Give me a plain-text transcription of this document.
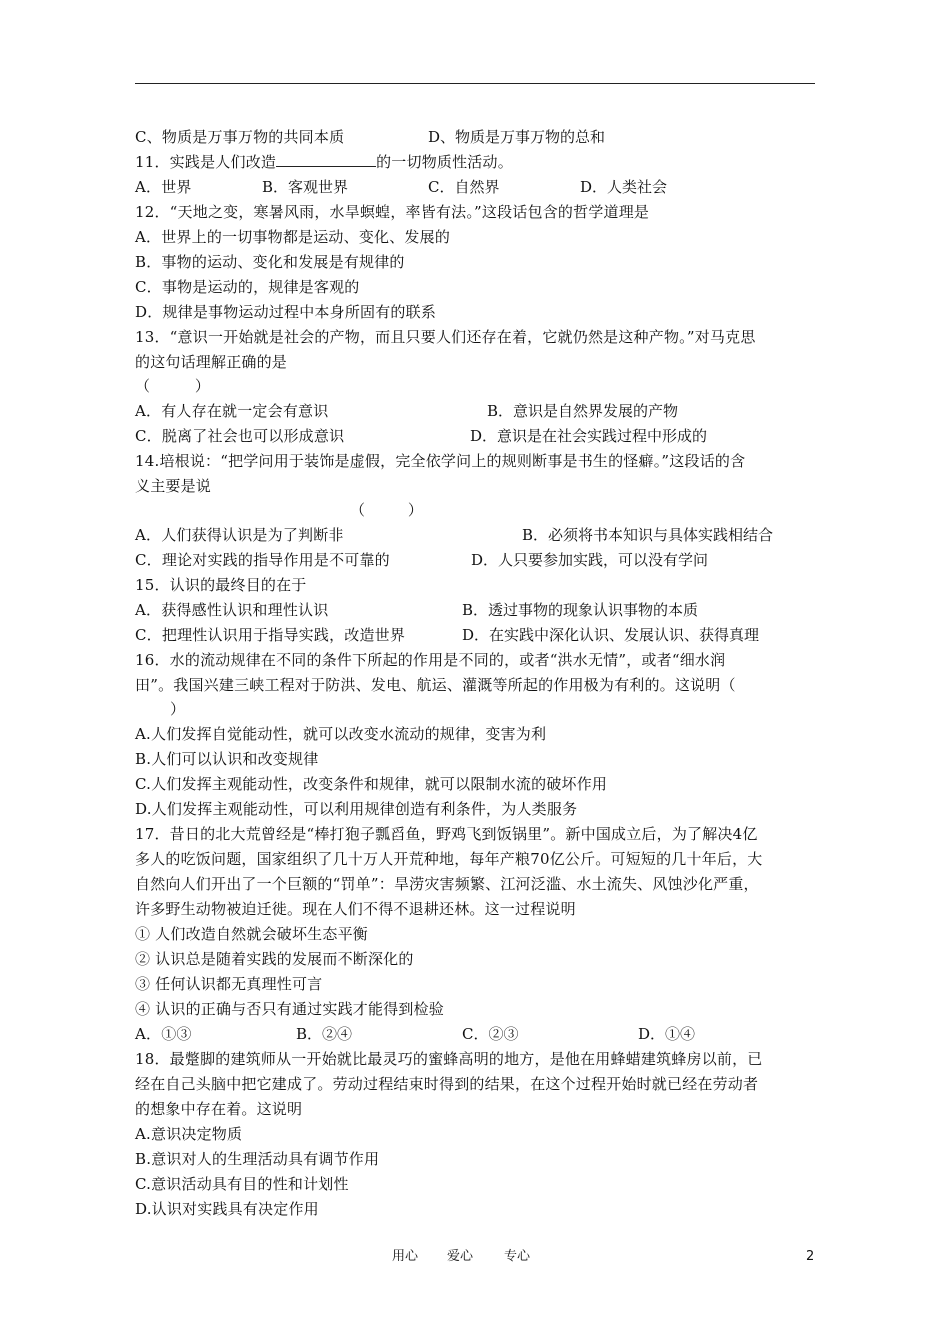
C、物质是万事万物的共同本质	D、物质是万事万物的总和
11．实践是人们改造	的一切物质性活动。
A．世界	B．客观世界	C．自然界	D．人类社会
12．“天地之变，寒暑风雨，水旱螟蝗，率皆有法。”这段话包含的哲学道理是
A．世界上的一切事物都是运动、变化、发展的
B．事物的运动、变化和发展是有规律的
C．事物是运动的，规律是客观的
D．规律是事物运动过程中本身所固有的联系
13．“意识一开始就是社会的产物，而且只要人们还存在着，它就仍然是这种产物。”对马克思
的这句话理解正确的是
（         ）
A．有人存在就一定会有意识	B．意识是自然界发展的产物
C．脱离了社会也可以形成意识	D．意识是在社会实践过程中形成的
14.培根说：“把学问用于装饰是虚假，完全依学问上的规则断事是书生的怪癖。”这段话的含
义主要是说
（         ）
A．人们获得认识是为了判断非	B．必须将书本知识与具体实践相结合
C．理论对实践的指导作用是不可靠的	D．人只要参加实践，可以没有学问
15．认识的最终目的在于
A．获得感性认识和理性认识	B．透过事物的现象认识事物的本质
C．把理性认识用于指导实践，改造世界	D．在实践中深化认识、发展认识、获得真理
16．水的流动规律在不同的条件下所起的作用是不同的，或者“洪水无情”，或者“细水润
田”。我国兴建三峡工程对于防洪、发电、航运、灌溉等所起的作用极为有利的。这说明（
）
A.人们发挥自觉能动性，就可以改变水流动的规律，变害为利
B.人们可以认识和改变规律
C.人们发挥主观能动性，改变条件和规律，就可以限制水流的破坏作用
D.人们发挥主观能动性，可以利用规律创造有利条件，为人类服务
17．昔日的北大荒曾经是“棒打狍子瓢舀鱼，野鸡飞到饭锅里”。新中国成立后，为了解决4亿
多人的吃饭问题，国家组织了几十万人开荒种地，每年产粮70亿公斤。可短短的几十年后，大
自然向人们开出了一个巨额的“罚单”：旱涝灾害频繁、江河泛滥、水土流失、风蚀沙化严重，
许多野生动物被迫迁徙。现在人们不得不退耕还林。这一过程说明
① 人们改造自然就会破坏生态平衡
② 认识总是随着实践的发展而不断深化的
③ 任何认识都无真理性可言
④ 认识的正确与否只有通过实践才能得到检验
A．①③	B．②④	C．②③	D．①④
18．最蹩脚的建筑师从一开始就比最灵巧的蜜蜂高明的地方，是他在用蜂蜡建筑蜂房以前，已
经在自己头脑中把它建成了。劳动过程结束时得到的结果，在这个过程开始时就已经在劳动者
的想象中存在着。这说明
A.意识决定物质
B.意识对人的生理活动具有调节作用
C.意识活动具有目的性和计划性
D.认识对实践具有决定作用
用心 爱心 专心	2
